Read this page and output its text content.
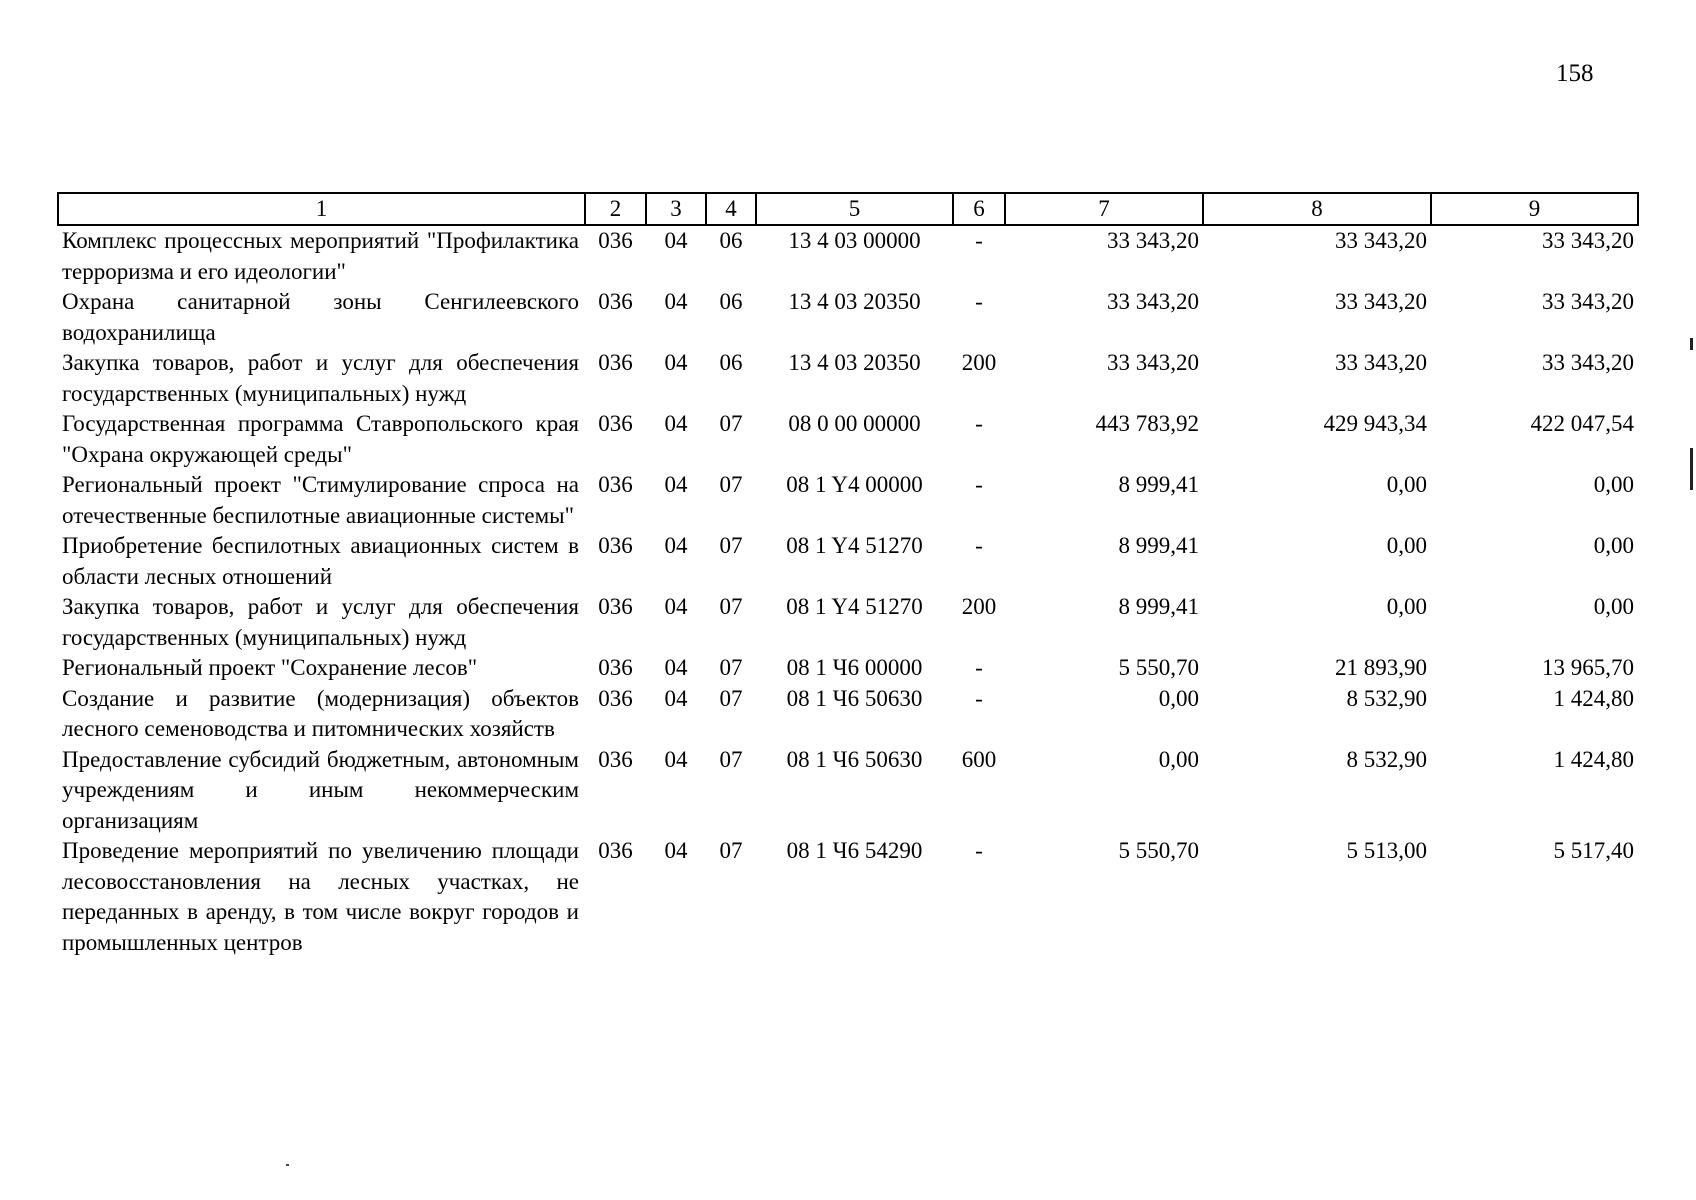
158
1	2	3	4	5	6	7	8	9
Комплекс процессных мероприятий "Профилактика терроризма и его идеологии"	036	04	06	13 4 03 00000	-	33 343,20	33 343,20	33 343,20
Охрана санитарной зоны Сенгилеевского водохранилища	036	04	06	13 4 03 20350	-	33 343,20	33 343,20	33 343,20
Закупка товаров, работ и услуг для обеспечения государственных (муниципальных) нужд	036	04	06	13 4 03 20350	200	33 343,20	33 343,20	33 343,20
Государственная программа Ставропольского края "Охрана окружающей среды"	036	04	07	08 0 00 00000	-	443 783,92	429 943,34	422 047,54
Региональный проект "Стимулирование спроса на отечественные беспилотные авиационные системы"	036	04	07	08 1 Y4 00000	-	8 999,41	0,00	0,00
Приобретение беспилотных авиационных систем в области лесных отношений	036	04	07	08 1 Y4 51270	-	8 999,41	0,00	0,00
Закупка товаров, работ и услуг для обеспечения государственных (муниципальных) нужд	036	04	07	08 1 Y4 51270	200	8 999,41	0,00	0,00
Региональный проект "Сохранение лесов"	036	04	07	08 1 Ч6 00000	-	5 550,70	21 893,90	13 965,70
Создание и развитие (модернизация) объектов лесного семеноводства и питомнических хозяйств	036	04	07	08 1 Ч6 50630	-	0,00	8 532,90	1 424,80
Предоставление субсидий бюджетным, автономным учреждениям и иным некоммерческим организациям	036	04	07	08 1 Ч6 50630	600	0,00	8 532,90	1 424,80
Проведение мероприятий по увеличению площади лесовосстановления на лесных участках, не переданных в аренду, в том числе вокруг городов и промышленных центров	036	04	07	08 1 Ч6 54290	-	5 550,70	5 513,00	5 517,40
